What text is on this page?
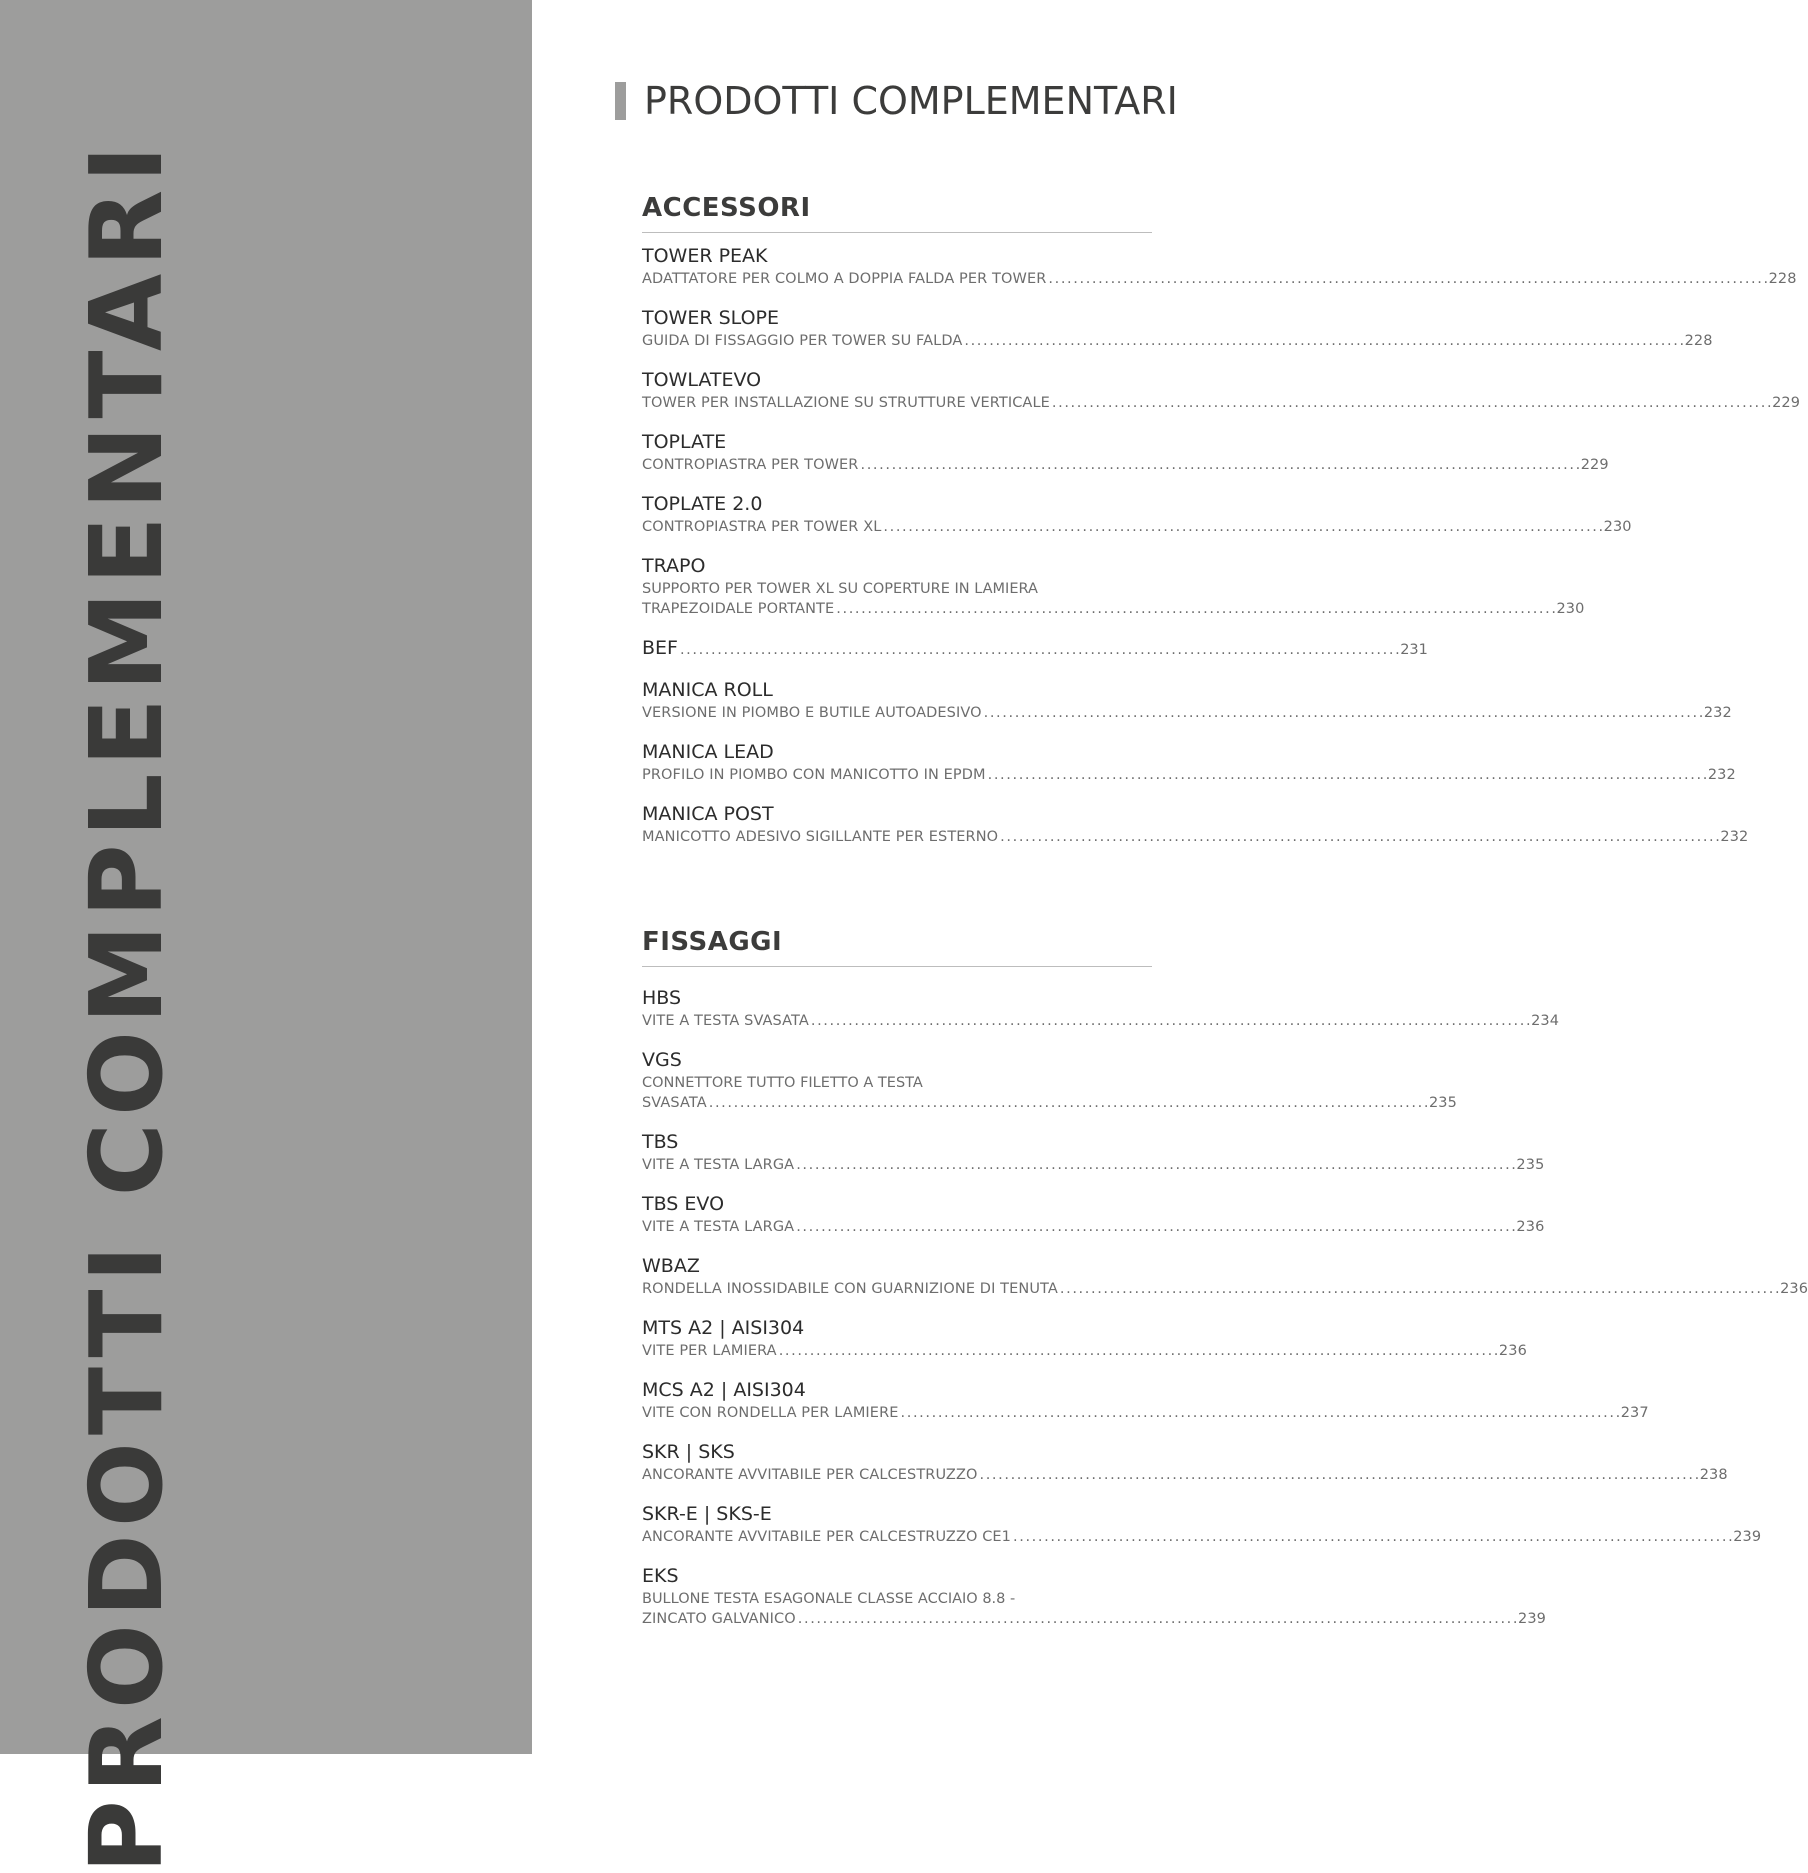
PRODOTTI COMPLEMENTARI
PRODOTTI COMPLEMENTARI
ACCESSORI
TOWER PEAK
ADATTATORE PER COLMO A DOPPIA FALDA PER TOWER . . .	228
TOWER SLOPE
GUIDA DI FISSAGGIO PER TOWER SU FALDA . . .	228
TOWLATEVO
TOWER PER INSTALLAZIONE SU STRUTTURE VERTICALE . . .	229
TOPLATE
CONTROPIASTRA PER TOWER . . .	229
TOPLATE 2.0
CONTROPIASTRA PER TOWER XL . . .	230
TRAPO
SUPPORTO PER TOWER XL SU COPERTURE IN LAMIERA
TRAPEZOIDALE PORTANTE . . .	230
BEF . . .	231
MANICA ROLL
VERSIONE IN PIOMBO E BUTILE AUTOADESIVO . . .	232
MANICA LEAD
PROFILO IN PIOMBO CON MANICOTTO IN EPDM . . .	232
MANICA POST
MANICOTTO ADESIVO SIGILLANTE PER ESTERNO . . .	232
FISSAGGI
HBS
VITE A TESTA SVASATA . . .	234
VGS
CONNETTORE TUTTO FILETTO A TESTA
SVASATA . . .	235
TBS
VITE A TESTA LARGA . . .	235
TBS EVO
VITE A TESTA LARGA . . .	236
WBAZ
RONDELLA INOSSIDABILE CON GUARNIZIONE DI TENUTA . . .	236
MTS A2 | AISI304
VITE PER LAMIERA . . .	236
MCS A2 | AISI304
VITE CON RONDELLA PER LAMIERE . . .	237
SKR | SKS
ANCORANTE AVVITABILE PER CALCESTRUZZO . . .	238
SKR-E | SKS-E
ANCORANTE AVVITABILE PER CALCESTRUZZO CE1 . . .	239
EKS
BULLONE TESTA ESAGONALE CLASSE ACCIAIO 8.8 -
ZINCATO GALVANICO . . .	239
